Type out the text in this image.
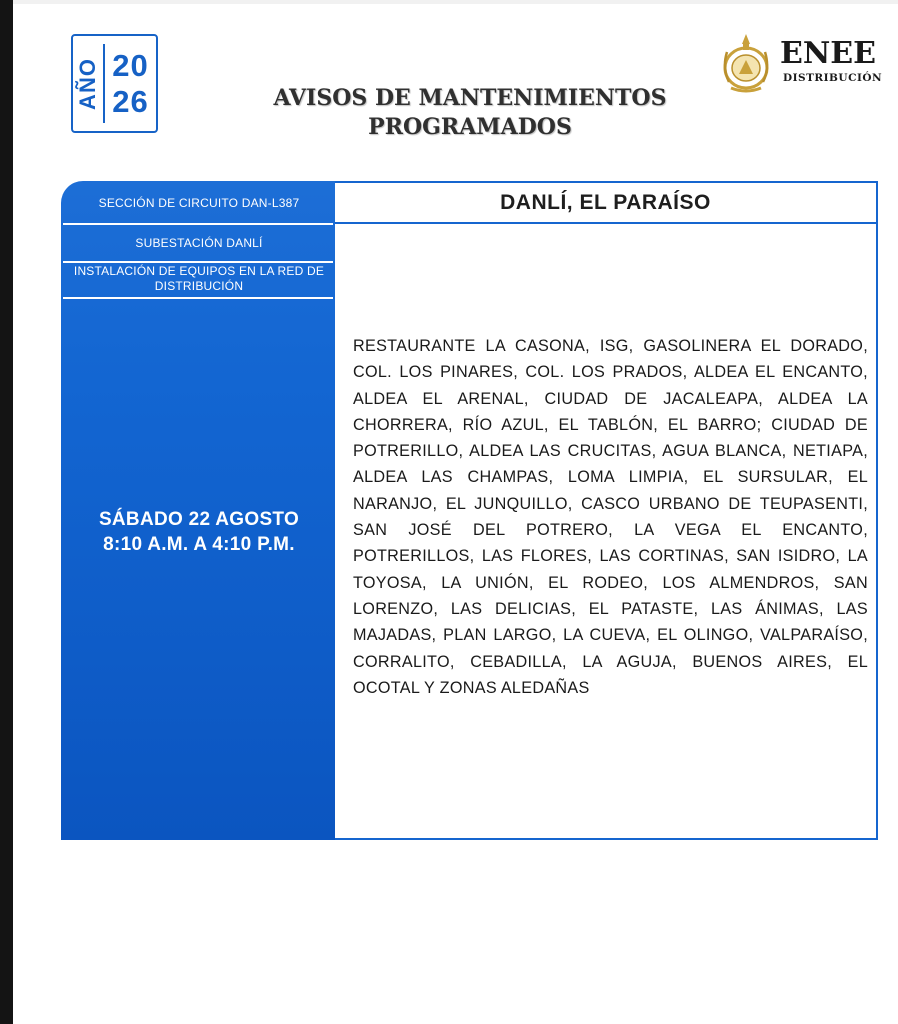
AÑO 20
26	AVISOS DE MANTENIMIENTOS
PROGRAMADOS
ENEE
DISTRIBUCIÓN
SECCIÓN DE CIRCUITO DAN-L387
SUBESTACIÓN DANLÍ
INSTALACIÓN DE EQUIPOS EN LA RED DE DISTRIBUCIÓN
SÁBADO 22 AGOSTO
8:10 A.M. A 4:10 P.M.
DANLÍ, EL PARAÍSO
RESTAURANTE LA CASONA, ISG, GASOLINERA EL DORADO, COL. LOS PINARES, COL. LOS PRADOS, ALDEA EL ENCANTO, ALDEA EL ARENAL, CIUDAD DE JACALEAPA, ALDEA LA CHORRERA, RÍO AZUL, EL TABLÓN, EL BARRO; CIUDAD DE POTRERILLO, ALDEA LAS CRUCITAS, AGUA BLANCA, NETIAPA, ALDEA LAS CHAMPAS, LOMA LIMPIA, EL SURSULAR, EL NARANJO, EL JUNQUILLO, CASCO URBANO DE TEUPASENTI, SAN JOSÉ DEL POTRERO, LA VEGA EL ENCANTO, POTRERILLOS, LAS FLORES, LAS CORTINAS, SAN ISIDRO, LA TOYOSA, LA UNIÓN, EL RODEO, LOS ALMENDROS, SAN LORENZO, LAS DELICIAS, EL PATASTE, LAS ÁNIMAS, LAS MAJADAS, PLAN LARGO, LA CUEVA, EL OLINGO, VALPARAÍSO, CORRALITO, CEBADILLA, LA AGUJA, BUENOS AIRES, EL OCOTAL Y ZONAS ALEDAÑAS
